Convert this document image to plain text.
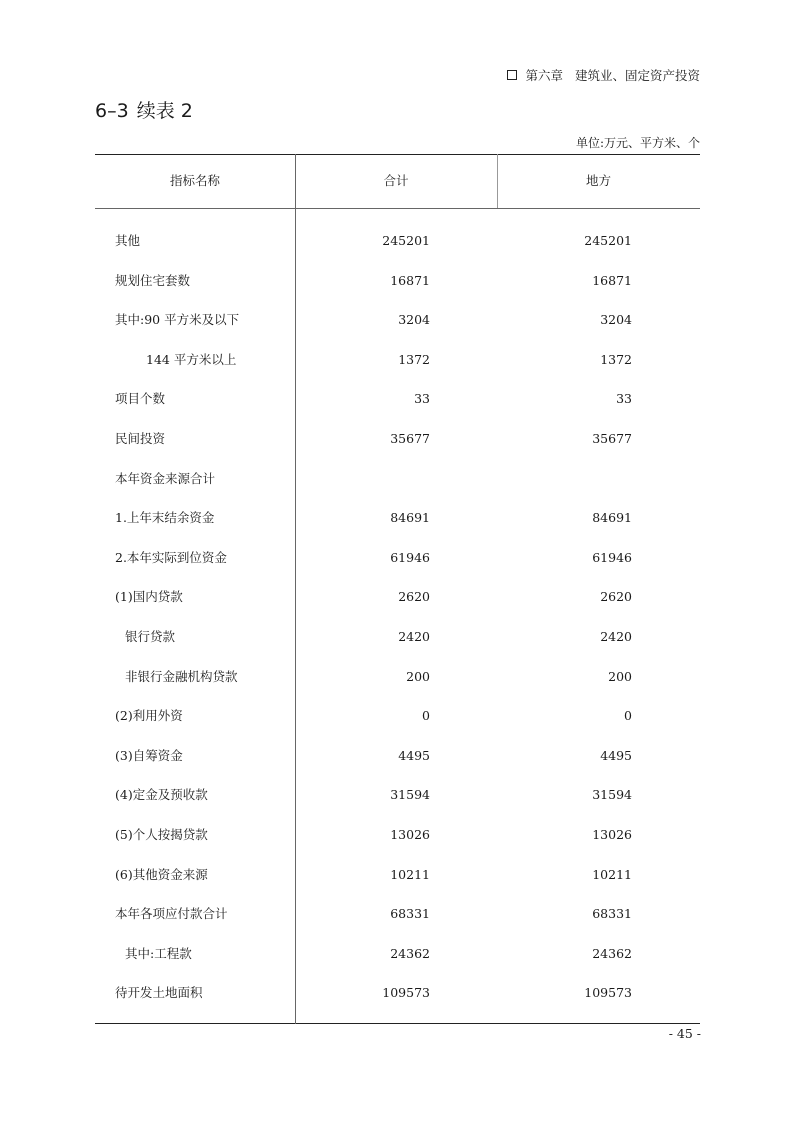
第六章 建筑业、固定资产投资
6–3 续表 2
单位:万元、平方米、个
指标名称	合计	地方
其他	245201	245201
规划住宅套数	16871	16871
其中:90 平方米及以下	3204	3204
144 平方米以上	1372	1372
项目个数	33	33
民间投资	35677	35677
本年资金来源合计
1.上年末结余资金	84691	84691
2.本年实际到位资金	61946	61946
(1)国内贷款	2620	2620
银行贷款	2420	2420
非银行金融机构贷款	200	200
(2)利用外资	0	0
(3)自筹资金	4495	4495
(4)定金及预收款	31594	31594
(5)个人按揭贷款	13026	13026
(6)其他资金来源	10211	10211
本年各项应付款合计	68331	68331
其中:工程款	24362	24362
待开发土地面积	109573	109573
- 45 -
